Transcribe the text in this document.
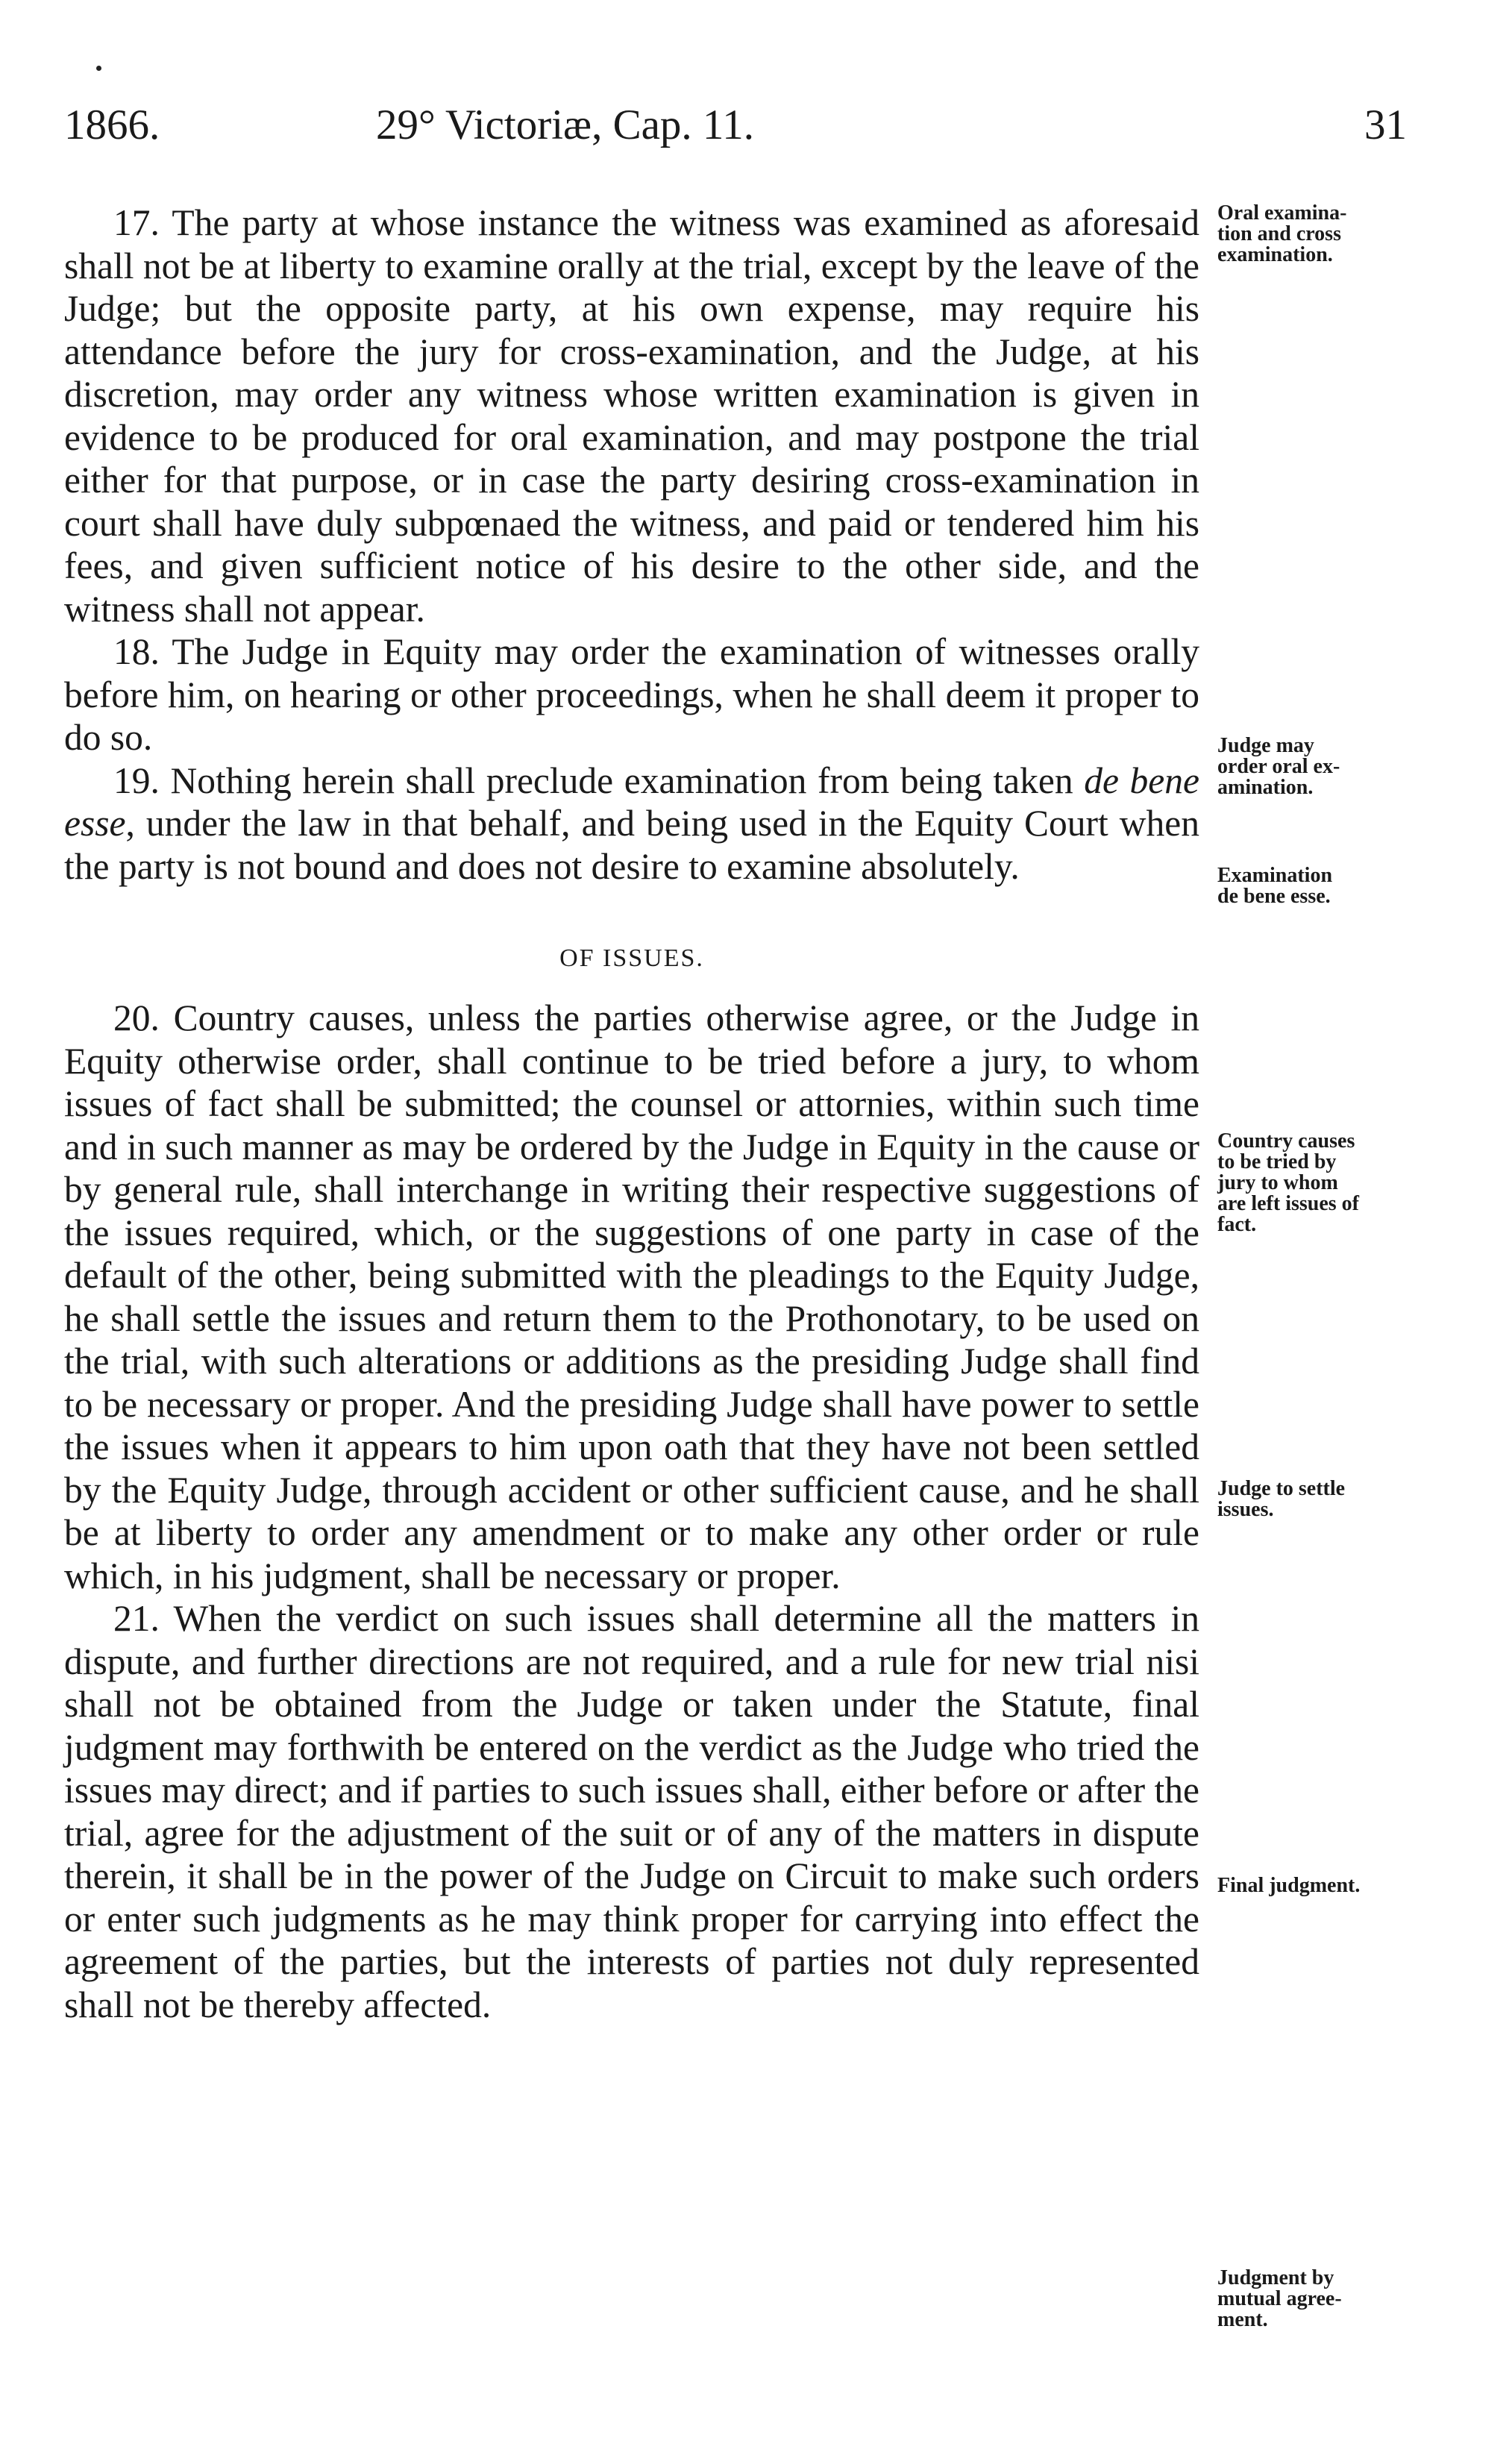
1866.	29° Victoriæ, Cap. 11.	31

17. The party at whose instance the witness was examined as aforesaid shall not be at liberty to examine orally at the trial, except by the leave of the Judge; but the opposite party, at his own expense, may require his attendance before the jury for cross-examination, and the Judge, at his discretion, may order any witness whose written examination is given in evidence to be produced for oral examination, and may postpone the trial either for that purpose, or in case the party desiring cross-examination in court shall have duly subpœnaed the witness, and paid or tendered him his fees, and given sufficient notice of his desire to the other side, and the witness shall not appear.

18. The Judge in Equity may order the examination of witnesses orally before him, on hearing or other proceedings, when he shall deem it proper to do so.

19. Nothing herein shall preclude examination from being taken de bene esse, under the law in that behalf, and being used in the Equity Court when the party is not bound and does not desire to examine absolutely.

OF ISSUES.

20. Country causes, unless the parties otherwise agree, or the Judge in Equity otherwise order, shall continue to be tried before a jury, to whom issues of fact shall be submitted; the counsel or attornies, within such time and in such manner as may be ordered by the Judge in Equity in the cause or by general rule, shall interchange in writing their respective suggestions of the issues required, which, or the suggestions of one party in case of the default of the other, being submitted with the pleadings to the Equity Judge, he shall settle the issues and return them to the Prothonotary, to be used on the trial, with such alterations or additions as the presiding Judge shall find to be necessary or proper. And the presiding Judge shall have power to settle the issues when it appears to him upon oath that they have not been settled by the Equity Judge, through accident or other sufficient cause, and he shall be at liberty to order any amendment or to make any other order or rule which, in his judgment, shall be necessary or proper.

21. When the verdict on such issues shall determine all the matters in dispute, and further directions are not required, and a rule for new trial nisi shall not be obtained from the Judge or taken under the Statute, final judgment may forthwith be entered on the verdict as the Judge who tried the issues may direct; and if parties to such issues shall, either before or after the trial, agree for the adjustment of the suit or of any of the matters in dispute therein, it shall be in the power of the Judge on Circuit to make such orders or enter such judgments as he may think proper for carrying into effect the agreement of the parties, but the interests of parties not duly represented shall not be thereby affected.

Oral examina-
tion and cross
examination.
Judge may
order oral ex-
amination.
Examination
de bene esse.
Country causes
to be tried by
jury to whom
are left issues of
fact.
Judge to settle
issues.
Final judgment.
Judgment by
mutual agree-
ment.
